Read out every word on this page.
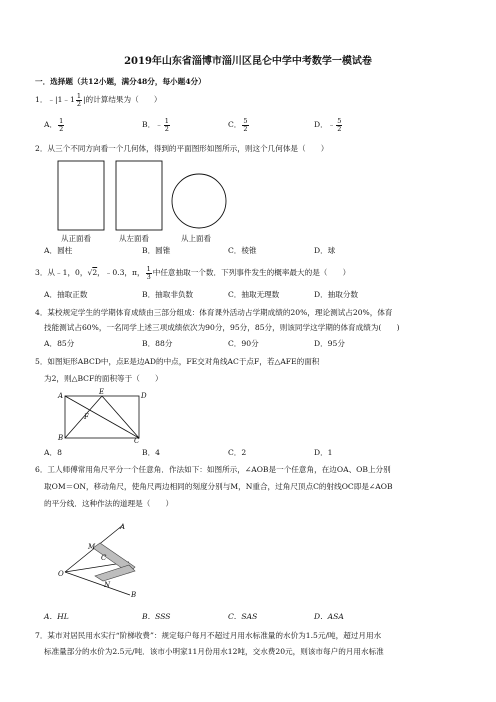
2019年山东省淄博市淄川区昆仑中学中考数学一模试卷
一．选择题（共12小题，满分48分，每小题4分）
1．﹣|1﹣1 $\frac{1}{2}$ |的计算结果为（　　）
A． $\frac{1}{2}$	B．﹣ $\frac{1}{2}$	C． $\frac{5}{2}$	D．﹣ $\frac{5}{2}$
2．从三个不同方向看一个几何体，得到的平面图形如图所示，则这个几何体是（　　）
从正面看	从左面看	从上面看
A．圆柱	B．圆锥	C．棱锥	D．球
3．从﹣1，0，√2，﹣0.3，π， $\frac{1}{3}$ 中任意抽取一个数．下列事件发生的概率最大的是（　　）
A．抽取正数	B．抽取非负数	C．抽取无理数	D．抽取分数
4．某校规定学生的学期体育成绩由三部分组成：体育课外活动占学期成绩的20%，理论测试占20%，体育
技能测试占60%，一名同学上述三项成绩依次为90分，95分，85分，则该同学这学期的体育成绩为(　　)
A．85分	B．88分	C．90分	D．95分
5．如图矩形ABCD中，点E是边AD的中点，FE交对角线AC于点F，若△AFE的面积
为2，则△BCF的面积等于（　　）
A	E	D
F
B	C
A．8	B．4	C．2	D．1
6．工人师傅常用角尺平分一个任意角．作法如下：如图所示，∠AOB是一个任意角，在边OA、OB上分别
取OM＝ON，移动角尺，使角尺两边相同的刻度分别与M，N重合，过角尺顶点C的射线OC即是∠AOB
的平分线．这种作法的道理是（　　）
A
M
C
O
N
B
A．HL	B．SSS	C．SAS	D．ASA
7．某市对居民用水实行“阶梯收费”：规定每户每月不超过月用水标准量的水价为1.5元/吨，超过月用水
标准量部分的水价为2.5元/吨．该市小明家11月份用水12吨，交水费20元，则该市每户的月用水标准
